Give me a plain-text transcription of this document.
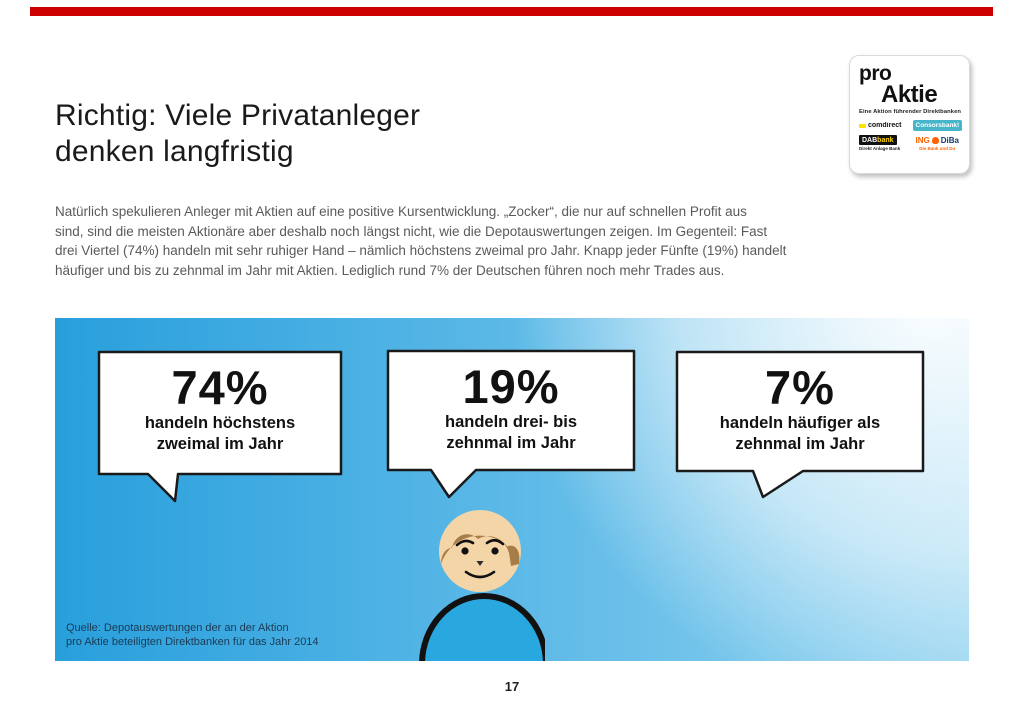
Richtig: Viele Privatanleger
denken langfristig
pro
Aktie
Eine Aktion führender Direktbanken
comdirect	Consorsbank!
DABbank
Direkt Anlage Bank
ING DiBa
Die Bank und Du
Natürlich spekulieren Anleger mit Aktien auf eine positive Kursentwicklung. „Zocker“, die nur auf schnellen Profit aus
sind, sind die meisten Aktionäre aber deshalb noch längst nicht, wie die Depotauswertungen zeigen. Im Gegenteil: Fast
drei Viertel (74%) handeln mit sehr ruhiger Hand – nämlich höchstens zweimal pro Jahr. Knapp jeder Fünfte (19%) handelt
häufiger und bis zu zehnmal im Jahr mit Aktien. Lediglich rund 7% der Deutschen führen noch mehr Trades aus.
74%
handeln höchstens
zweimal im Jahr
19%
handeln drei- bis
zehnmal im Jahr
7%
handeln häufiger als
zehnmal im Jahr
Quelle: Depotauswertungen der an der Aktion
pro Aktie beteiligten Direktbanken für das Jahr 2014
17
